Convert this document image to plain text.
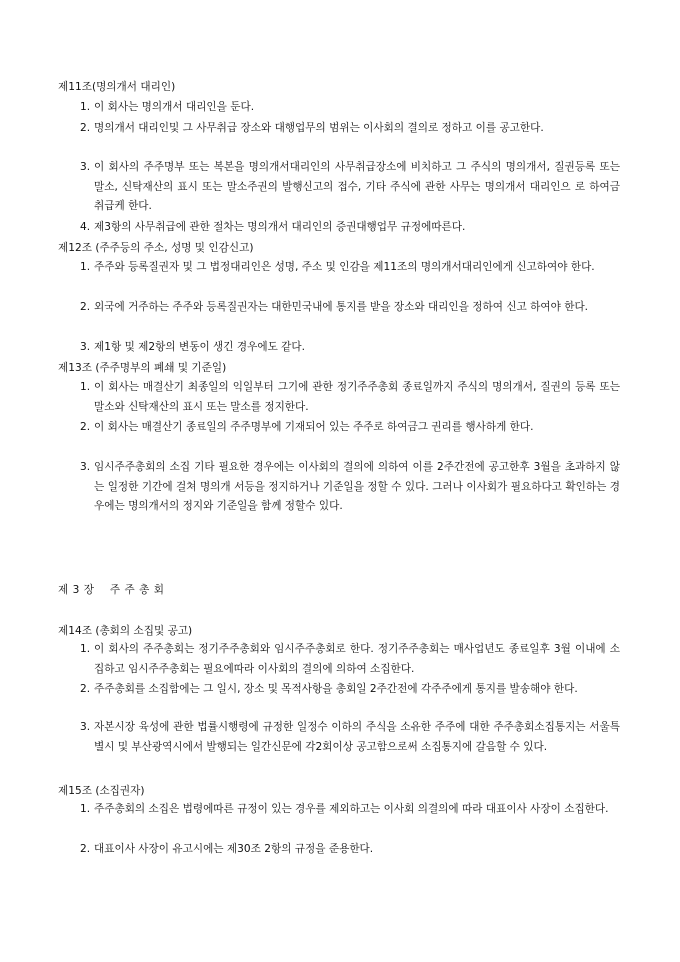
제11조(명의개서 대리인)
1. 이 회사는 명의개서 대리인을 둔다.
2. 명의개서 대리인및 그 사무취급 장소와 대행업무의 범위는 이사회의 결의로 정하고 이를 공고한다.
3. 이 회사의 주주명부 또는 복본을 명의개서대리인의 사무취급장소에 비치하고 그 주식의 명의개서, 질권등록 또는 말소, 신탁재산의 표시 또는 말소주권의 발행신고의 접수, 기타 주식에 관한 사무는 명의개서 대리인으 로 하여금 취급케 한다.
4. 제3항의 사무취급에 관한 절차는 명의개서 대리인의 증권대행업무 규정에따른다.
제12조 (주주등의 주소, 성명 및 인감신고)
1. 주주와 등록질권자 및 그 법정대리인은 성명, 주소 및 인감을 제11조의 명의개서대리인에게 신고하여야 한다.
2. 외국에 거주하는 주주와 등록질권자는 대한민국내에 통지를 받을 장소와 대리인을 정하여 신고 하여야 한다.
3. 제1항 및 제2항의 변동이 생긴 경우에도 같다.
제13조 (주주명부의 폐쇄 및 기준일)
1. 이 회사는 매결산기 최종일의 익일부터 그기에 관한 정기주주총회 종료일까지 주식의 명의개서, 질권의 등록 또는 말소와 신탁재산의 표시 또는 말소를 정지한다.
2. 이 회사는 매결산기 종료일의 주주명부에 기재되어 있는 주주로 하여금그 권리를 행사하게 한다.
3. 임시주주총회의 소집 기타 필요한 경우에는 이사회의 결의에 의하여 이를 2주간전에 공고한후 3월을 초과하지 않는 일정한 기간에 걸쳐 명의개 서등을 정지하거나 기준일을 정할 수 있다. 그러나 이사회가 필요하다고 확인하는 경우에는 명의개서의 정지와 기준일을 함께 정할수 있다.
제 3 장    주 주 총 회
제14조 (총회의 소집및 공고)
1. 이 회사의 주주총회는 정기주주총회와 임시주주총회로 한다. 정기주주총회는 매사업년도 종료일후 3월 이내에 소집하고 임시주주총회는 필요에따라 이사회의 결의에 의하여 소집한다.
2. 주주총회를 소집함에는 그 일시, 장소 및 목적사항을 총회일 2주간전에 각주주에게 통지를 발송해야 한다.
3. 자본시장 육성에 관한 법률시행령에 규정한 일정수 이하의 주식을 소유한 주주에 대한 주주총회소집통지는 서울특별시 및 부산광역시에서 발행되는 일간신문에 각2회이상 공고함으로써 소집통지에 갈음할 수 있다.
제15조 (소집권자)
1. 주주총회의 소집은 법령에따른 규정이 있는 경우를 제외하고는 이사회 의결의에 따라 대표이사 사장이 소집한다.
2. 대표이사 사장이 유고시에는 제30조 2항의 규정을 준용한다.
